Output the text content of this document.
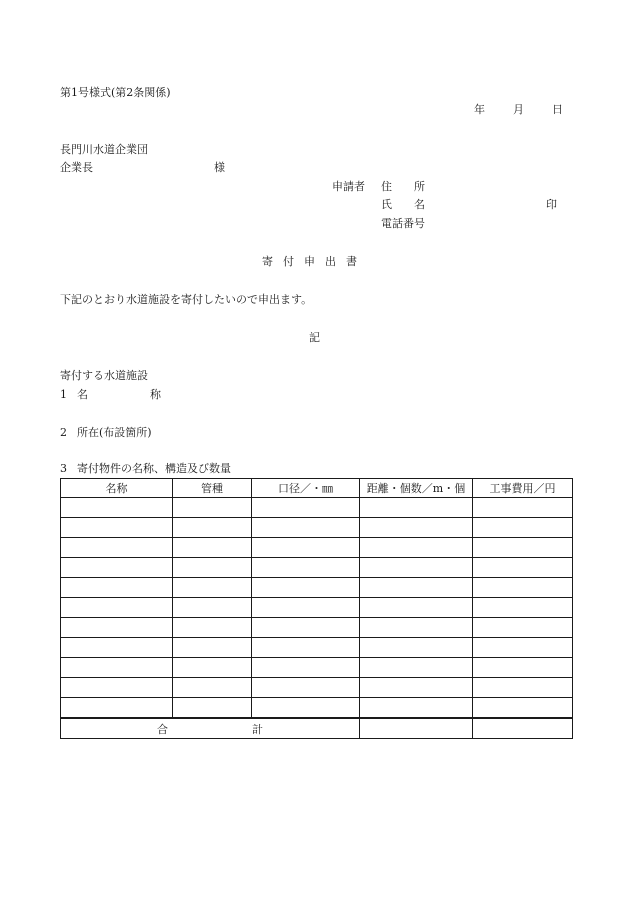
第1号様式(第2条関係)
年	月	日
長門川水道企業団
企業長	様
申請者 住 所
氏 名	印
電話番号
寄 付 申 出 書
下記のとおり水道施設を寄付したいので申出ます。
記
寄付する水道施設
1 名	称
2 所在(布設箇所)
3 寄付物件の名称、構造及び数量
名称	管種	口径／・㎜	距離・個数／m・個	工事費用／円

合 計				
